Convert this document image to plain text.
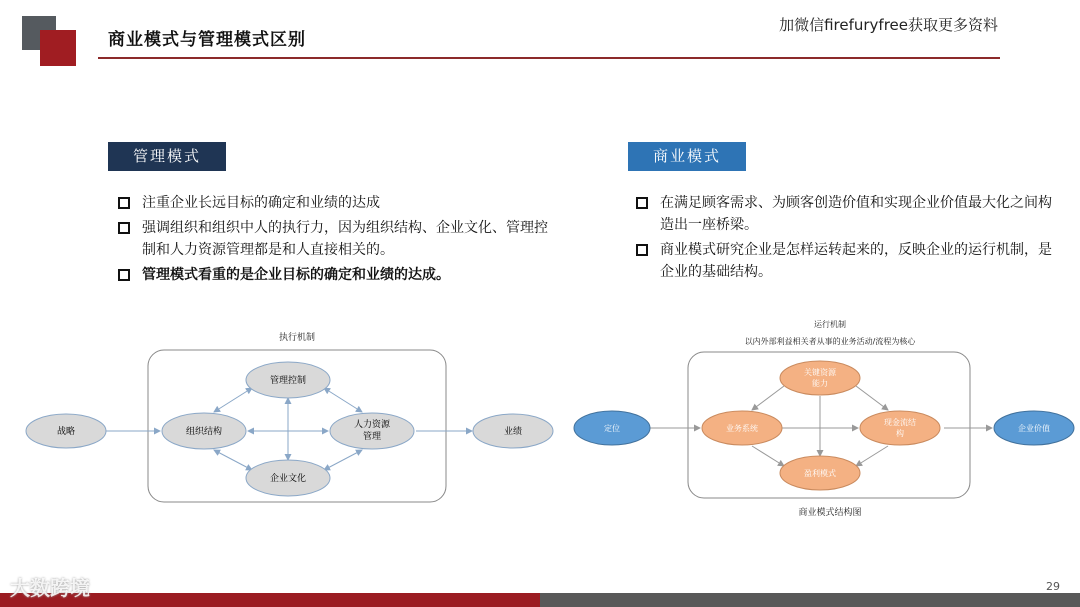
商业模式与管理模式区别
加微信firefuryfree获取更多资料
管理模式	商业模式
注重企业长远目标的确定和业绩的达成
强调组织和组织中人的执行力，因为组织结构、企业文化、管理控制和人力资源管理都是和人直接相关的。
管理模式看重的是企业目标的确定和业绩的达成。
在满足顾客需求、为顾客创造价值和实现企业价值最大化之间构造出一座桥梁。
商业模式研究企业是怎样运转起来的，反映企业的运行机制，是企业的基础结构。
执行机制
战略
管理控制
组织结构
人力资源
管理
企业文化
业绩
运行机制
以内外部利益相关者从事的业务活动/流程为核心
定位
关键资源
能力
业务系统
现金流结
构
盈利模式
企业价值
商业模式结构图
大数跨境	29
